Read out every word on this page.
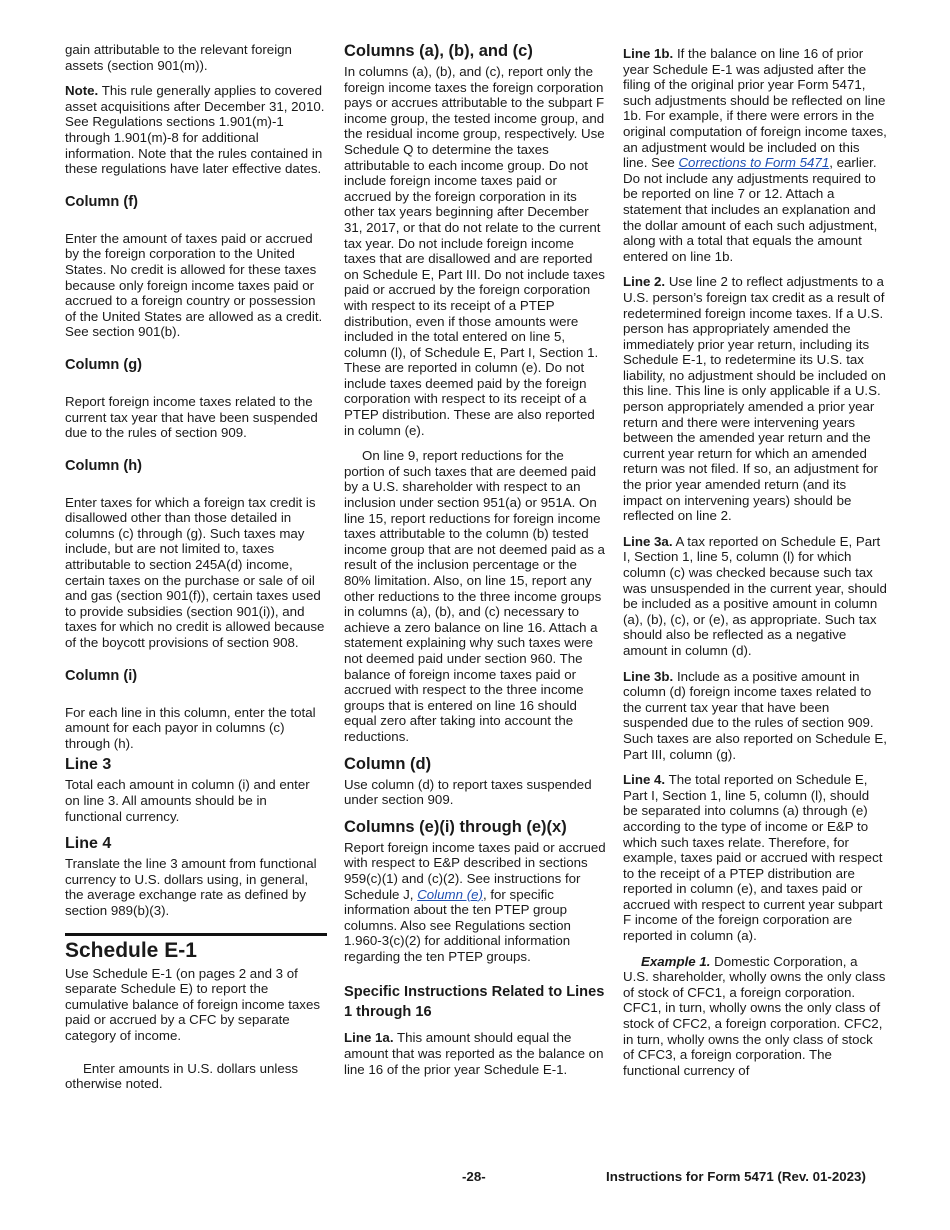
gain attributable to the relevant foreign assets (section 901(m)).

Note. This rule generally applies to covered asset acquisitions after December 31, 2010. See Regulations sections 1.901(m)-1 through 1.901(m)-8 for additional information. Note that the rules contained in these regulations have later effective dates.

Column (f)

Enter the amount of taxes paid or accrued by the foreign corporation to the United States. No credit is allowed for these taxes because only foreign income taxes paid or accrued to a foreign country or possession of the United States are allowed as a credit. See section 901(b).

Column (g)

Report foreign income taxes related to the current tax year that have been suspended due to the rules of section 909.

Column (h)

Enter taxes for which a foreign tax credit is disallowed other than those detailed in columns (c) through (g). Such taxes may include, but are not limited to, taxes attributable to section 245A(d) income, certain taxes on the purchase or sale of oil and gas (section 901(f)), certain taxes used to provide subsidies (section 901(i)), and taxes for which no credit is allowed because of the boycott provisions of section 908.

Column (i)

For each line in this column, enter the total amount for each payor in columns (c) through (h).

Line 3

Total each amount in column (i) and enter on line 3. All amounts should be in functional currency.

Line 4

Translate the line 3 amount from functional currency to U.S. dollars using, in general, the average exchange rate as defined by section 989(b)(3).

Schedule E-1

Use Schedule E-1 (on pages 2 and 3 of separate Schedule E) to report the cumulative balance of foreign income taxes paid or accrued by a CFC by separate category of income.

Enter amounts in U.S. dollars unless otherwise noted.

Columns (a), (b), and (c)

In columns (a), (b), and (c), report only the foreign income taxes the foreign corporation pays or accrues attributable to the subpart F income group, the tested income group, and the residual income group, respectively. Use Schedule Q to determine the taxes attributable to each income group. Do not include foreign income taxes paid or accrued by the foreign corporation in its other tax years beginning after December 31, 2017, or that do not relate to the current tax year. Do not include foreign income taxes that are disallowed and are reported on Schedule E, Part III. Do not include taxes paid or accrued by the foreign corporation with respect to its receipt of a PTEP distribution, even if those amounts were included in the total entered on line 5, column (l), of Schedule E, Part I, Section 1. These are reported in column (e). Do not include taxes deemed paid by the foreign corporation with respect to its receipt of a PTEP distribution. These are also reported in column (e).

On line 9, report reductions for the portion of such taxes that are deemed paid by a U.S. shareholder with respect to an inclusion under section 951(a) or 951A. On line 15, report reductions for foreign income taxes attributable to the column (b) tested income group that are not deemed paid as a result of the inclusion percentage or the 80% limitation. Also, on line 15, report any other reductions to the three income groups in columns (a), (b), and (c) necessary to achieve a zero balance on line 16. Attach a statement explaining why such taxes were not deemed paid under section 960. The balance of foreign income taxes paid or accrued with respect to the three income groups that is entered on line 16 should equal zero after taking into account the reductions.

Column (d)

Use column (d) to report taxes suspended under section 909.

Columns (e)(i) through (e)(x)

Report foreign income taxes paid or accrued with respect to E&P described in sections 959(c)(1) and (c)(2). See instructions for Schedule J, Column (e), for specific information about the ten PTEP group columns. Also see Regulations section 1.960-3(c)(2) for additional information regarding the ten PTEP groups.

Specific Instructions Related to Lines 1 through 16

Line 1a. This amount should equal the amount that was reported as the balance on line 16 of the prior year Schedule E-1.

Line 1b. If the balance on line 16 of prior year Schedule E-1 was adjusted after the filing of the original prior year Form 5471, such adjustments should be reflected on line 1b. For example, if there were errors in the original computation of foreign income taxes, an adjustment would be included on this line. See Corrections to Form 5471, earlier. Do not include any adjustments required to be reported on line 7 or 12. Attach a statement that includes an explanation and the dollar amount of each such adjustment, along with a total that equals the amount entered on line 1b.

Line 2. Use line 2 to reflect adjustments to a U.S. person’s foreign tax credit as a result of redetermined foreign income taxes. If a U.S. person has appropriately amended the immediately prior year return, including its Schedule E-1, to redetermine its U.S. tax liability, no adjustment should be included on this line. This line is only applicable if a U.S. person appropriately amended a prior year return and there were intervening years between the amended year return and the current year return for which an amended return was not filed. If so, an adjustment for the prior year amended return (and its impact on intervening years) should be reflected on line 2.

Line 3a. A tax reported on Schedule E, Part I, Section 1, line 5, column (l) for which column (c) was checked because such tax was unsuspended in the current year, should be included as a positive amount in column (a), (b), (c), or (e), as appropriate. Such tax should also be reflected as a negative amount in column (d).

Line 3b. Include as a positive amount in column (d) foreign income taxes related to the current tax year that have been suspended due to the rules of section 909. Such taxes are also reported on Schedule E, Part III, column (g).

Line 4. The total reported on Schedule E, Part I, Section 1, line 5, column (l), should be separated into columns (a) through (e) according to the type of income or E&P to which such taxes relate. Therefore, for example, taxes paid or accrued with respect to the receipt of a PTEP distribution are reported in column (e), and taxes paid or accrued with respect to current year subpart F income of the foreign corporation are reported in column (a).

Example 1. Domestic Corporation, a U.S. shareholder, wholly owns the only class of stock of CFC1, a foreign corporation. CFC1, in turn, wholly owns the only class of stock of CFC2, a foreign corporation. CFC2, in turn, wholly owns the only class of stock of CFC3, a foreign corporation. The functional currency of

-28-	Instructions for Form 5471 (Rev. 01-2023)
